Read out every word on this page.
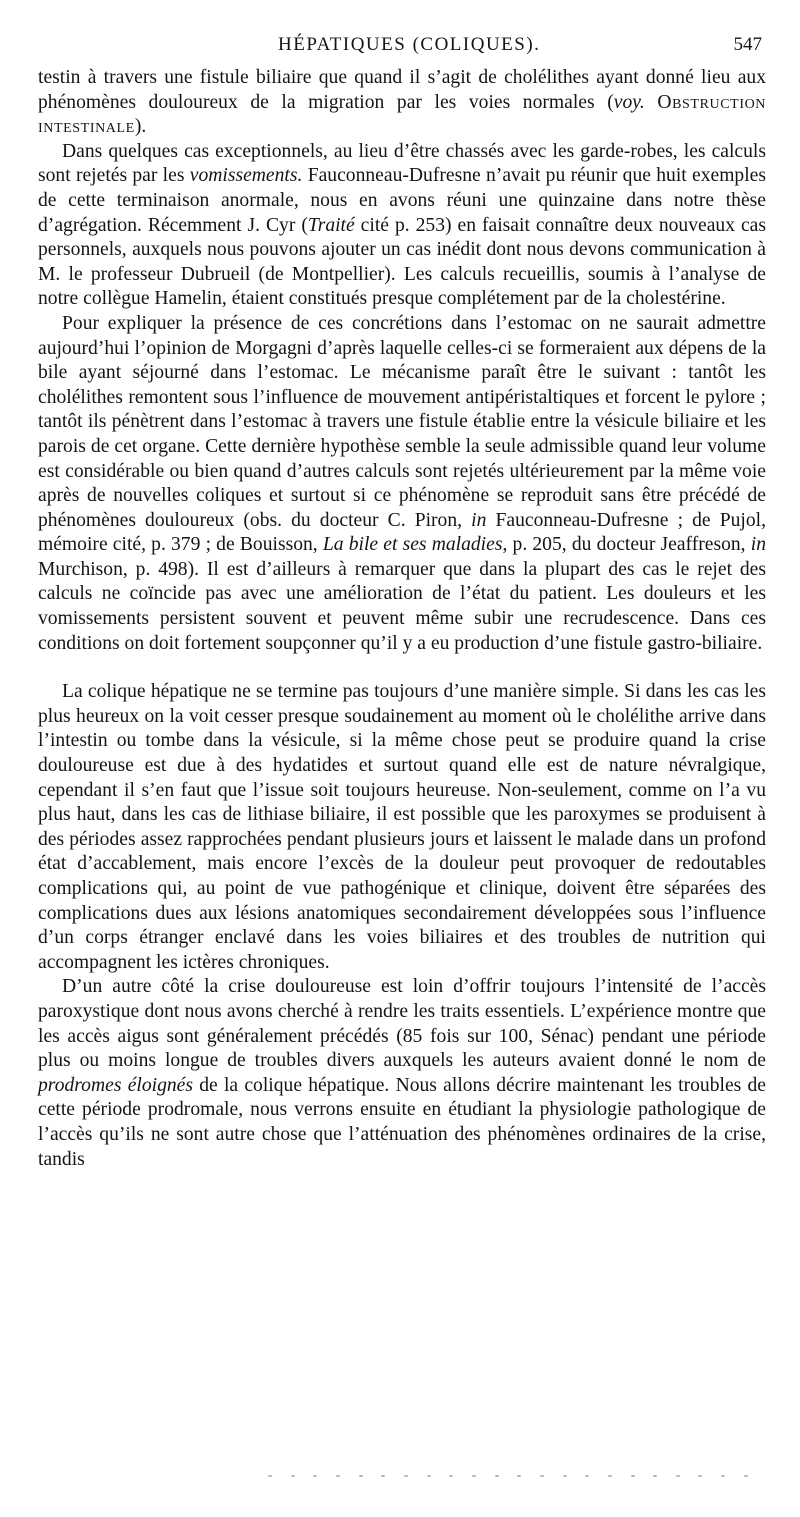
HÉPATIQUES (COLIQUES).	547

testin à travers une fistule biliaire que quand il s’agit de cholélithes ayant donné lieu aux phénomènes douloureux de la migration par les voies normales (voy. Obstruction intestinale).

Dans quelques cas exceptionnels, au lieu d’être chassés avec les garde-robes, les calculs sont rejetés par les vomissements. Fauconneau-Dufresne n’avait pu réunir que huit exemples de cette terminaison anormale, nous en avons réuni une quinzaine dans notre thèse d’agrégation. Récemment J. Cyr (Traité cité p. 253) en faisait connaître deux nouveaux cas personnels, auxquels nous pouvons ajouter un cas inédit dont nous devons communication à M. le professeur Dubrueil (de Montpellier). Les calculs recueillis, soumis à l’analyse de notre collègue Hamelin, étaient constitués presque complétement par de la cholestérine.

Pour expliquer la présence de ces concrétions dans l’estomac on ne saurait admettre aujourd’hui l’opinion de Morgagni d’après laquelle celles-ci se formeraient aux dépens de la bile ayant séjourné dans l’estomac. Le mécanisme paraît être le suivant : tantôt les cholélithes remontent sous l’influence de mouvement antipéristaltiques et forcent le pylore ; tantôt ils pénètrent dans l’estomac à travers une fistule établie entre la vésicule biliaire et les parois de cet organe. Cette dernière hypothèse semble la seule admissible quand leur volume est considérable ou bien quand d’autres calculs sont rejetés ultérieurement par la même voie après de nouvelles coliques et surtout si ce phénomène se reproduit sans être précédé de phénomènes douloureux (obs. du docteur C. Piron, in Fauconneau-Dufresne ; de Pujol, mémoire cité, p. 379 ; de Bouisson, La bile et ses maladies, p. 205, du docteur Jeaffreson, in Murchison, p. 498). Il est d’ailleurs à remarquer que dans la plupart des cas le rejet des calculs ne coïncide pas avec une amélioration de l’état du patient. Les douleurs et les vomissements persistent souvent et peuvent même subir une recrudescence. Dans ces conditions on doit fortement soupçonner qu’il y a eu production d’une fistule gastro-biliaire.

La colique hépatique ne se termine pas toujours d’une manière simple. Si dans les cas les plus heureux on la voit cesser presque soudainement au moment où le cholélithe arrive dans l’intestin ou tombe dans la vésicule, si la même chose peut se produire quand la crise douloureuse est due à des hydatides et surtout quand elle est de nature névralgique, cependant il s’en faut que l’issue soit toujours heureuse. Non-seulement, comme on l’a vu plus haut, dans les cas de lithiase biliaire, il est possible que les paroxymes se produisent à des périodes assez rapprochées pendant plusieurs jours et laissent le malade dans un profond état d’accablement, mais encore l’excès de la douleur peut provoquer de redoutables complications qui, au point de vue pathogénique et clinique, doivent être séparées des complications dues aux lésions anatomiques secondairement développées sous l’influence d’un corps étranger enclavé dans les voies biliaires et des troubles de nutrition qui accompagnent les ictères chroniques.

D’un autre côté la crise douloureuse est loin d’offrir toujours l’intensité de l’accès paroxystique dont nous avons cherché à rendre les traits essentiels. L’expérience montre que les accès aigus sont généralement précédés (85 fois sur 100, Sénac) pendant une période plus ou moins longue de troubles divers auxquels les auteurs avaient donné le nom de prodromes éloignés de la colique hépatique. Nous allons décrire maintenant les troubles de cette période prodromale, nous verrons ensuite en étudiant la physiologie pathologique de l’accès qu’ils ne sont autre chose que l’atténuation des phénomènes ordinaires de la crise, tandis
